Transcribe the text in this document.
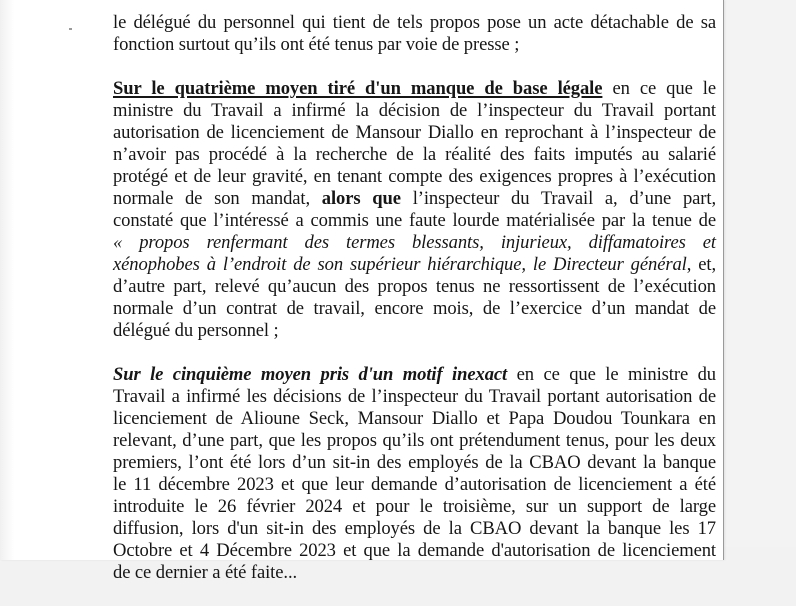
le délégué du personnel qui tient de tels propos pose un acte détachable de sa
fonction surtout qu’ils ont été tenus par voie de presse ;
Sur le quatrième moyen tiré d'un manque de base légale en ce que le
ministre du Travail a infirmé la décision de l’inspecteur du Travail portant
autorisation de licenciement de Mansour Diallo en reprochant à l’inspecteur de
n’avoir pas procédé à la recherche de la réalité des faits imputés au salarié
protégé et de leur gravité, en tenant compte des exigences propres à l’exécution
normale de son mandat, alors que l’inspecteur du Travail a, d’une part,
constaté que l’intéressé a commis une faute lourde matérialisée par la tenue de
« propos renfermant des termes blessants, injurieux, diffamatoires et
xénophobes à l’endroit de son supérieur hiérarchique, le Directeur général, et,
d’autre part, relevé qu’aucun des propos tenus ne ressortissent de l’exécution
normale d’un contrat de travail, encore mois, de l’exercice d’un mandat de
délégué du personnel ;
Sur le cinquième moyen pris d'un motif inexact en ce que le ministre du
Travail a infirmé les décisions de l’inspecteur du Travail portant autorisation de
licenciement de Alioune Seck, Mansour Diallo et Papa Doudou Tounkara en
relevant, d’une part, que les propos qu’ils ont prétendument tenus, pour les deux
premiers, l’ont été lors d’un sit-in des employés de la CBAO devant la banque
le 11 décembre 2023 et que leur demande d’autorisation de licenciement a été
introduite le 26 février 2024 et pour le troisième, sur un support de large
diffusion, lors d'un sit-in des employés de la CBAO devant la banque les 17
Octobre et 4 Décembre 2023 et que la demande d'autorisation de licenciement
de ce dernier a été faite...
